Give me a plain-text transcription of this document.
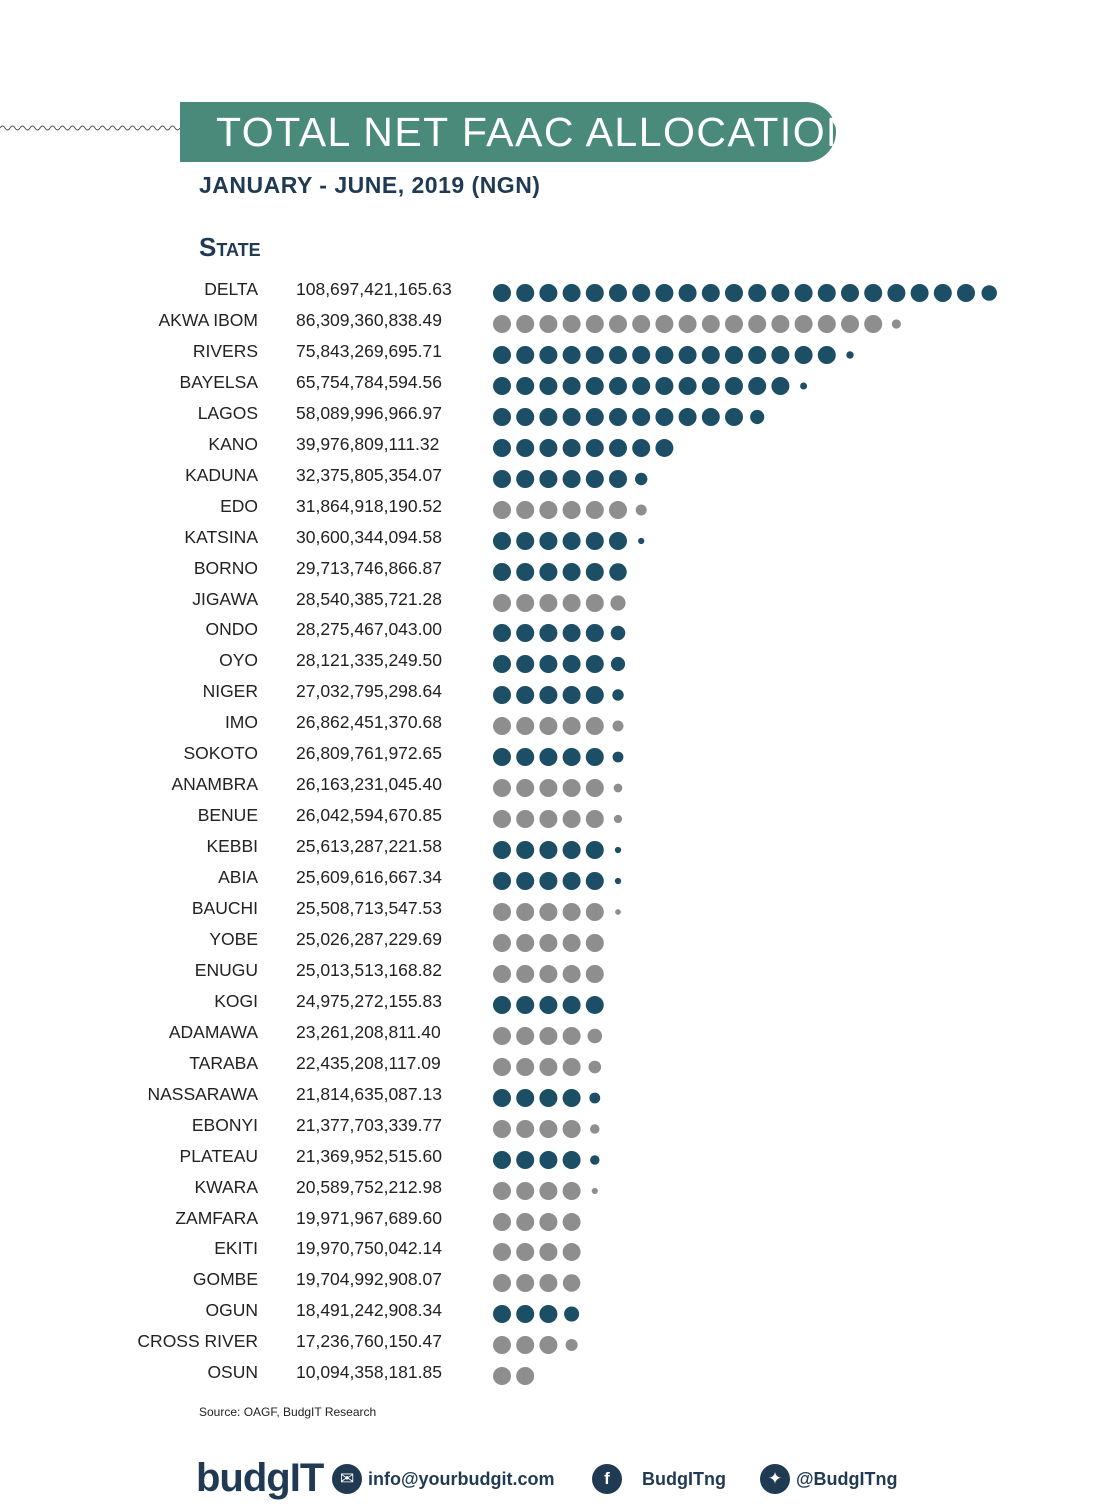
TOTAL NET FAAC ALLOCATION
JANUARY - JUNE, 2019 (NGN)
State
DELTA 108,697,421,165.63
AKWA IBOM 86,309,360,838.49
RIVERS 75,843,269,695.71
BAYELSA 65,754,784,594.56
LAGOS 58,089,996,966.97
KANO 39,976,809,111.32
KADUNA 32,375,805,354.07
EDO 31,864,918,190.52
KATSINA 30,600,344,094.58
BORNO 29,713,746,866.87
JIGAWA 28,540,385,721.28
ONDO 28,275,467,043.00
OYO 28,121,335,249.50
NIGER 27,032,795,298.64
IMO 26,862,451,370.68
SOKOTO 26,809,761,972.65
ANAMBRA 26,163,231,045.40
BENUE 26,042,594,670.85
KEBBI 25,613,287,221.58
ABIA 25,609,616,667.34
BAUCHI 25,508,713,547.53
YOBE 25,026,287,229.69
ENUGU 25,013,513,168.82
KOGI 24,975,272,155.83
ADAMAWA 23,261,208,811.40
TARABA 22,435,208,117.09
NASSARAWA 21,814,635,087.13
EBONYI 21,377,703,339.77
PLATEAU 21,369,952,515.60
KWARA 20,589,752,212.98
ZAMFARA 19,971,967,689.60
EKITI 19,970,750,042.14
GOMBE 19,704,992,908.07
OGUN 18,491,242,908.34
CROSS RIVER 17,236,760,150.47
OSUN 10,094,358,181.85
Source: OAGF, BudgIT Research
budgIT ✉ info@yourbudgit.com	f	BudgITng	✦ @BudgITng
